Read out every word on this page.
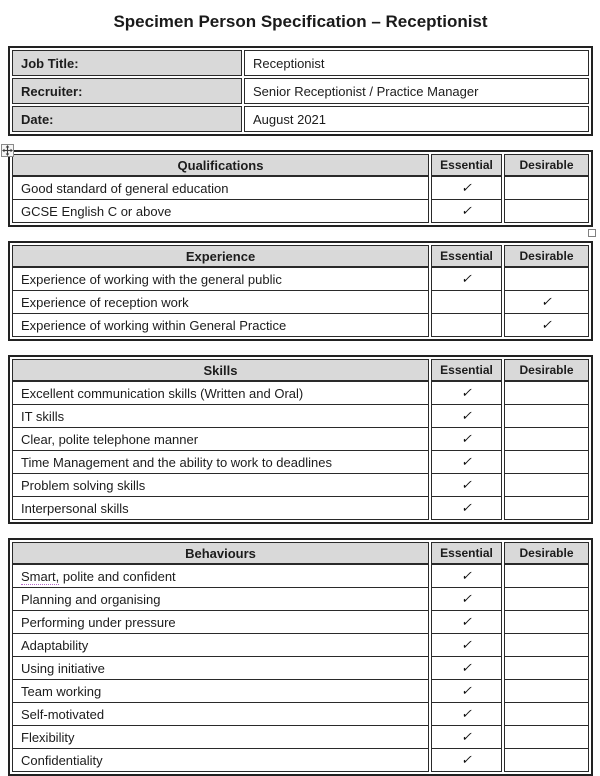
Specimen Person Specification – Receptionist
Job Title:	Receptionist
Recruiter:	Senior Receptionist / Practice Manager
Date:	August 2021
Qualifications	Essential	Desirable
Good standard of general education	✓	
GCSE English C or above	✓	
Experience	Essential	Desirable
Experience of working with the general public	✓	
Experience of reception work		✓
Experience of working within General Practice		✓
Skills	Essential	Desirable
Excellent communication skills (Written and Oral)	✓	
IT skills	✓	
Clear, polite telephone manner	✓	
Time Management and the ability to work to deadlines	✓	
Problem solving skills	✓	
Interpersonal skills	✓	
Behaviours	Essential	Desirable
Smart, polite and confident	✓	
Planning and organising	✓	
Performing under pressure	✓	
Adaptability	✓	
Using initiative	✓	
Team working	✓	
Self-motivated	✓	
Flexibility	✓	
Confidentiality	✓	
